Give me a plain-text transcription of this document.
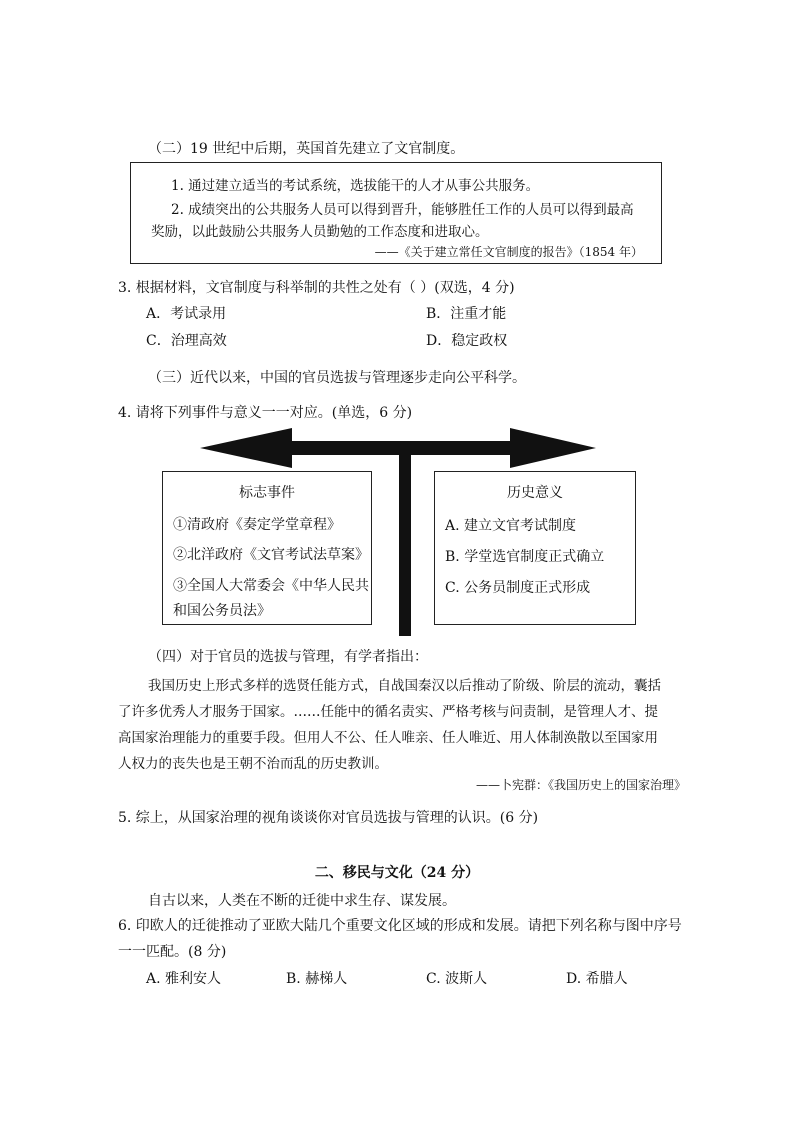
（二）19 世纪中后期，英国首先建立了文官制度。

1. 通过建立适当的考试系统，选拔能干的人才从事公共服务。

2. 成绩突出的公共服务人员可以得到晋升，能够胜任工作的人员可以得到最高

奖励，以此鼓励公共服务人员勤勉的工作态度和进取心。

——《关于建立常任文官制度的报告》（1854 年）

3. 根据材料，文官制度与科举制的共性之处有（ ）(双选，4 分)
A．考试录用	B．注重才能
C．治理高效	D．稳定政权
（三）近代以来，中国的官员选拔与管理逐步走向公平科学。
4. 请将下列事件与意义一一对应。(单选，6 分)

标志事件

①清政府《奏定学堂章程》

②北洋政府《文官考试法草案》

③全国人大常委会《中华人民共

和国公务员法》

历史意义

A. 建立文官考试制度

B. 学堂选官制度正式确立

C. 公务员制度正式形成

（四）对于官员的选拔与管理，有学者指出：
我国历史上形式多样的选贤任能方式，自战国秦汉以后推动了阶级、阶层的流动，囊括
了许多优秀人才服务于国家。……任能中的循名责实、严格考核与问责制，是管理人才、提
高国家治理能力的重要手段。但用人不公、任人唯亲、任人唯近、用人体制涣散以至国家用
人权力的丧失也是王朝不治而乱的历史教训。
——卜宪群：《我国历史上的国家治理》
5. 综上，从国家治理的视角谈谈你对官员选拔与管理的认识。(6 分)
二、移民与文化（24 分）
自古以来，人类在不断的迁徙中求生存、谋发展。
6. 印欧人的迁徙推动了亚欧大陆几个重要文化区域的形成和发展。请把下列名称与图中序号
一一匹配。(8 分)
A. 雅利安人	B. 赫梯人	C. 波斯人	D. 希腊人
